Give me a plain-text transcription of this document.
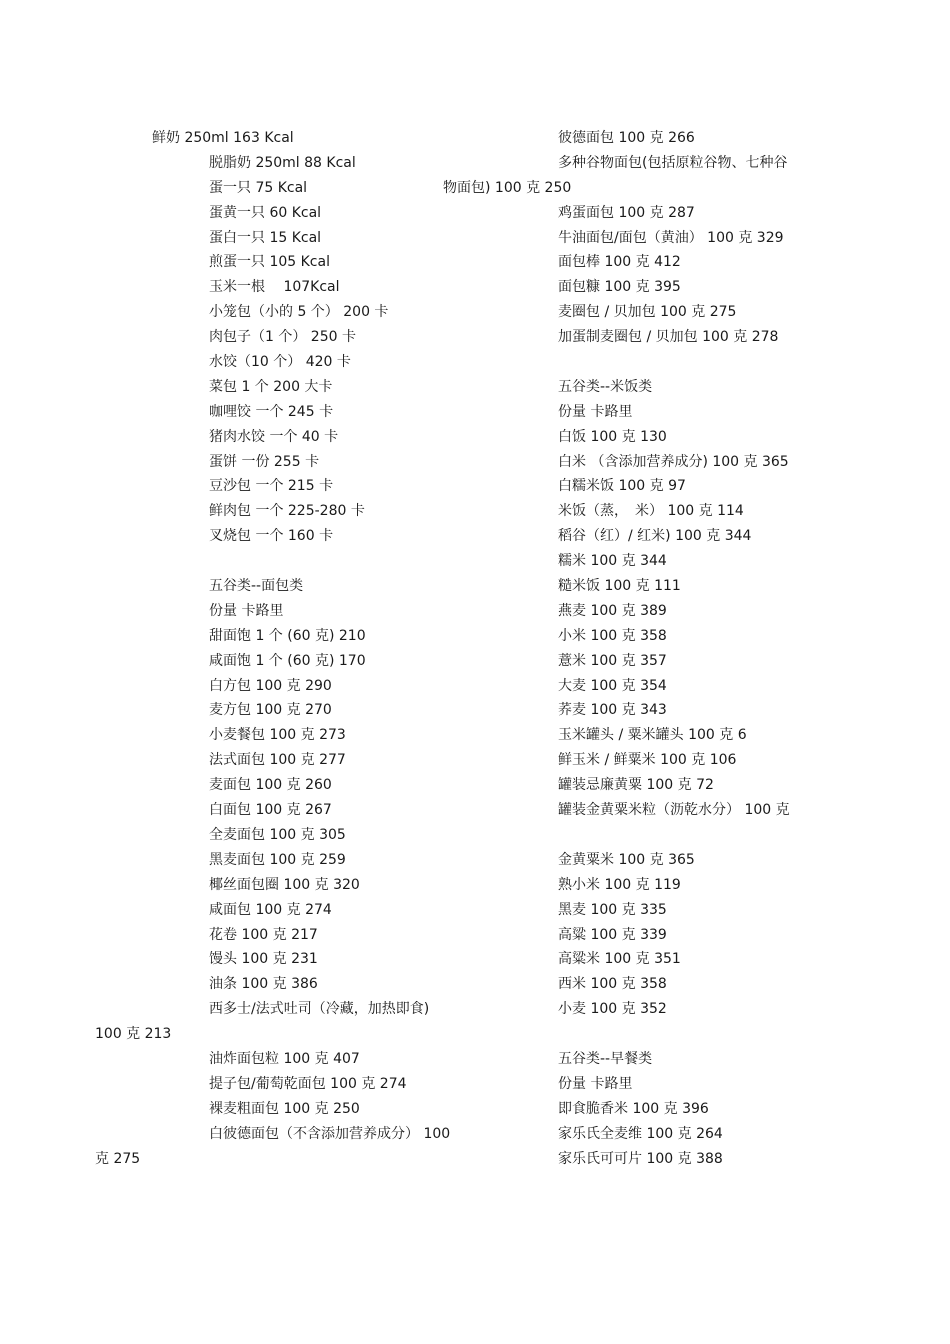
鲜奶 250ml 163 Kcal
脱脂奶 250ml 88 Kcal
蛋一只 75 Kcal
蛋黄一只 60 Kcal
蛋白一只 15 Kcal
煎蛋一只 105 Kcal
玉米一根　 107Kcal
小笼包（小的 5 个） 200 卡
肉包子（1 个） 250 卡
水饺（10 个） 420 卡
菜包 1 个 200 大卡
咖哩饺 一个 245 卡
猪肉水饺 一个 40 卡
蛋饼 一份 255 卡
豆沙包 一个 215 卡
鲜肉包 一个 225-280 卡
叉烧包 一个 160 卡
五谷类--面包类
份量 卡路里
甜面饱 1 个 (60 克) 210
咸面饱 1 个 (60 克) 170
白方包 100 克 290
麦方包 100 克 270
小麦餐包 100 克 273
法式面包 100 克 277
麦面包 100 克 260
白面包 100 克 267
全麦面包 100 克 305
黑麦面包 100 克 259
椰丝面包圈 100 克 320
咸面包 100 克 274
花卷 100 克 217
馒头 100 克 231
油条 100 克 386
西多士/法式吐司（冷藏，加热即食)
100 克 213
油炸面包粒 100 克 407
提子包/葡萄乾面包 100 克 274
裸麦粗面包 100 克 250
白彼德面包（不含添加营养成分） 100
克 275
彼德面包 100 克 266
多种谷物面包(包括原粒谷物、七种谷
物面包) 100 克 250
鸡蛋面包 100 克 287
牛油面包/面包（黄油） 100 克 329
面包棒 100 克 412
面包糠 100 克 395
麦圈包 / 贝加包 100 克 275
加蛋制麦圈包 / 贝加包 100 克 278
五谷类--米饭类
份量 卡路里
白饭 100 克 130
白米 （含添加营养成分) 100 克 365
白糯米饭 100 克 97
米饭（蒸，　米） 100 克 114
稻谷（红）/ 红米) 100 克 344
糯米 100 克 344
糙米饭 100 克 111
燕麦 100 克 389
小米 100 克 358
薏米 100 克 357
大麦 100 克 354
荞麦 100 克 343
玉米罐头 / 粟米罐头 100 克 6
鲜玉米 / 鲜粟米 100 克 106
罐装忌廉黄粟 100 克 72
罐装金黄粟米粒（沥乾水分） 100 克
金黄粟米 100 克 365
熟小米 100 克 119
黑麦 100 克 335
高粱 100 克 339
高粱米 100 克 351
西米 100 克 358
小麦 100 克 352
五谷类--早餐类
份量 卡路里
即食脆香米 100 克 396
家乐氏全麦维 100 克 264
家乐氏可可片 100 克 388
